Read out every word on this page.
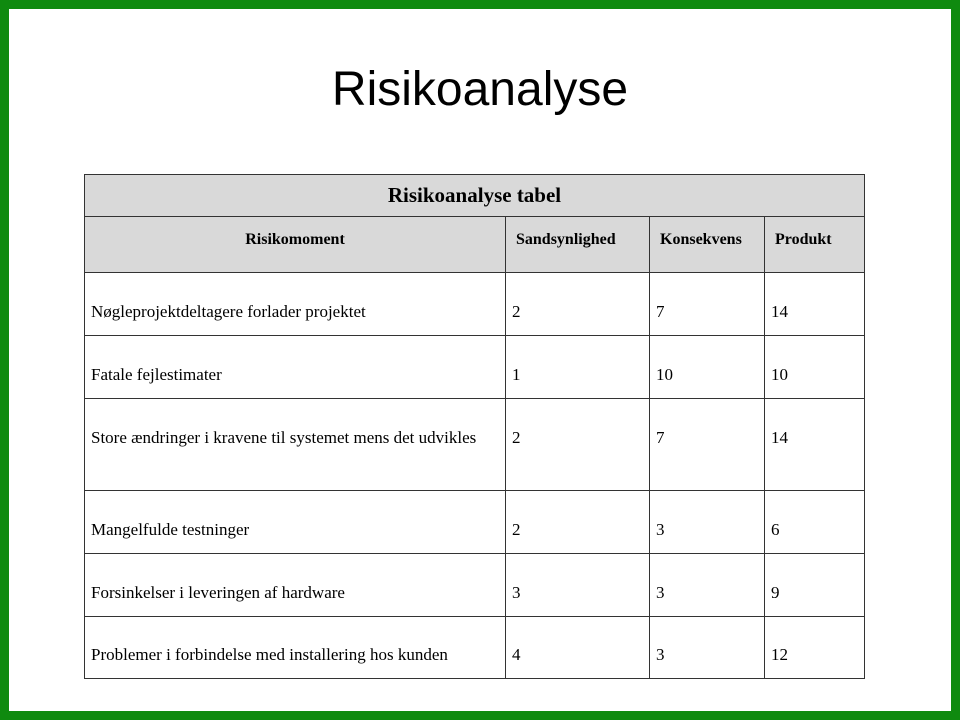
Risikoanalyse
Risikoanalyse tabel			
Risikomoment	Sandsynlighed	Konsekvens	Produkt
Nøgleprojektdeltagere forlader projektet	2	7	14
Fatale fejlestimater	1	10	10
Store ændringer i kravene til systemet mens det udvikles	2	7	14
Mangelfulde testninger	2	3	6
Forsinkelser i leveringen af hardware	3	3	9
Problemer i forbindelse med installering hos kunden	4	3	12
